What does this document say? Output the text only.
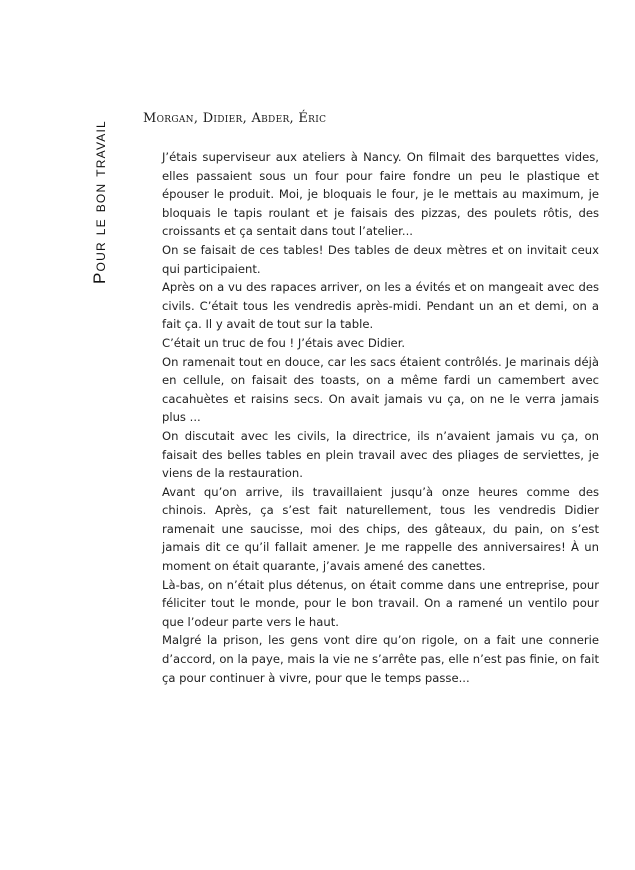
Pour le bon travail
Morgan, Didier, Abder, Éric

J’étais superviseur aux ateliers à Nancy. On filmait des barquettes vides, elles passaient sous un four pour faire fondre un peu le plastique et épouser le produit. Moi, je bloquais le four, je le mettais au maximum, je bloquais le tapis roulant et je faisais des pizzas, des poulets rôtis, des croissants et ça sentait dans tout l’atelier...

On se faisait de ces tables! Des tables de deux mètres et on invitait ceux qui participaient.

Après on a vu des rapaces arriver, on les a évités et on mangeait avec des civils. C’était tous les vendredis après-midi. Pendant un an et demi, on a fait ça. Il y avait de tout sur la table.

C’était un truc de fou ! J’étais avec Didier.

On ramenait tout en douce, car les sacs étaient contrôlés. Je marinais déjà en cellule, on faisait des toasts, on a même fardi un camembert avec cacahuètes et raisins secs. On avait jamais vu ça, on ne le verra jamais plus ...

On discutait avec les civils, la directrice, ils n’avaient jamais vu ça, on faisait des belles tables en plein travail avec des pliages de serviettes, je viens de la restauration.

Avant qu’on arrive, ils travaillaient jusqu’à onze heures comme des chinois. Après, ça s’est fait naturellement, tous les vendredis Didier ramenait une saucisse, moi des chips, des gâteaux, du pain, on s’est jamais dit ce qu’il fallait amener. Je me rappelle des anniversaires! À un moment on était quarante, j’avais amené des canettes.

Là-bas, on n’était plus détenus, on était comme dans une entreprise, pour féliciter tout le monde, pour le bon travail. On a ramené un ventilo pour que l’odeur parte vers le haut.

Malgré la prison, les gens vont dire qu’on rigole, on a fait une connerie d’accord, on la paye, mais la vie ne s’arrête pas, elle n’est pas finie, on fait ça pour continuer à vivre, pour que le temps passe...
